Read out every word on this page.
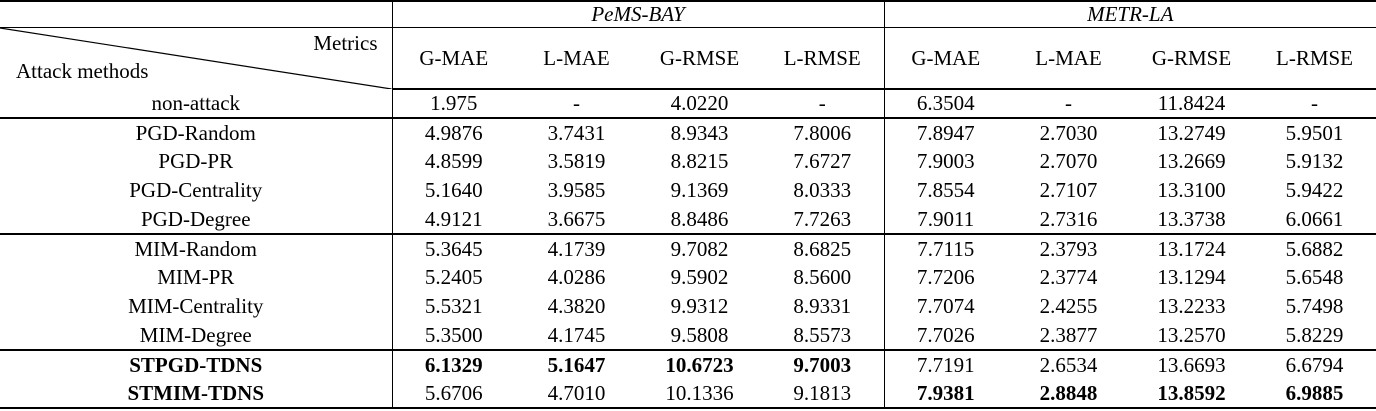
	PeMS-BAY				METR-LA			

Metrics
Attack methods	G-MAE	L-MAE	G-RMSE	L-RMSE	G-MAE	L-MAE	G-RMSE	L-RMSE
non-attack	1.975	-	4.0220	-	6.3504	-	11.8424	-
PGD-Random	4.9876	3.7431	8.9343	7.8006	7.8947	2.7030	13.2749	5.9501
PGD-PR	4.8599	3.5819	8.8215	7.6727	7.9003	2.7070	13.2669	5.9132
PGD-Centrality	5.1640	3.9585	9.1369	8.0333	7.8554	2.7107	13.3100	5.9422
PGD-Degree	4.9121	3.6675	8.8486	7.7263	7.9011	2.7316	13.3738	6.0661
MIM-Random	5.3645	4.1739	9.7082	8.6825	7.7115	2.3793	13.1724	5.6882
MIM-PR	5.2405	4.0286	9.5902	8.5600	7.7206	2.3774	13.1294	5.6548
MIM-Centrality	5.5321	4.3820	9.9312	8.9331	7.7074	2.4255	13.2233	5.7498
MIM-Degree	5.3500	4.1745	9.5808	8.5573	7.7026	2.3877	13.2570	5.8229
STPGD-TDNS	6.1329	5.1647	10.6723	9.7003	7.7191	2.6534	13.6693	6.6794
STMIM-TDNS	5.6706	4.7010	10.1336	9.1813	7.9381	2.8848	13.8592	6.9885
